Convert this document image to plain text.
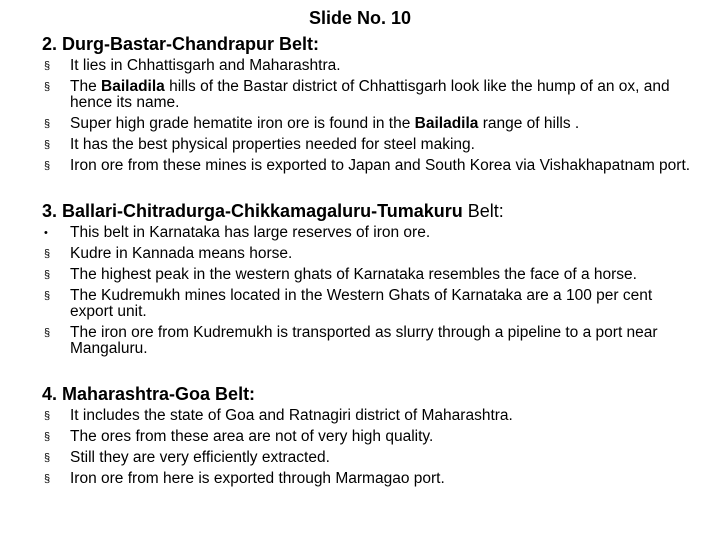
Slide No. 10
2. Durg-Bastar-Chandrapur Belt:
§ It lies in Chhattisgarh and Maharashtra.
§ The Bailadila hills of the Bastar district of Chhattisgarh look like the hump of an ox, and hence its name.
§ Super high grade hematite iron ore is found in the Bailadila range of hills .
§ It has the best physical properties needed for steel making.
§ Iron ore from these mines is exported to Japan and South Korea via Vishakhapatnam port.
3. Ballari-Chitradurga-Chikkamagaluru-Tumakuru Belt:
• This belt in Karnataka has large reserves of iron ore.
§ Kudre in Kannada means horse.
§ The highest peak in the western ghats of Karnataka resembles the face of a horse.
§ The Kudremukh mines located in the Western Ghats of Karnataka are a 100 per cent export unit.
§ The iron ore from Kudremukh is transported as slurry through a pipeline to a port near Mangaluru.
4. Maharashtra-Goa Belt:
§ It includes the state of Goa and Ratnagiri district of Maharashtra.
§ The ores from these area are not of very high quality.
§ Still they are very efficiently extracted.
§ Iron ore from here is exported through Marmagao port.
